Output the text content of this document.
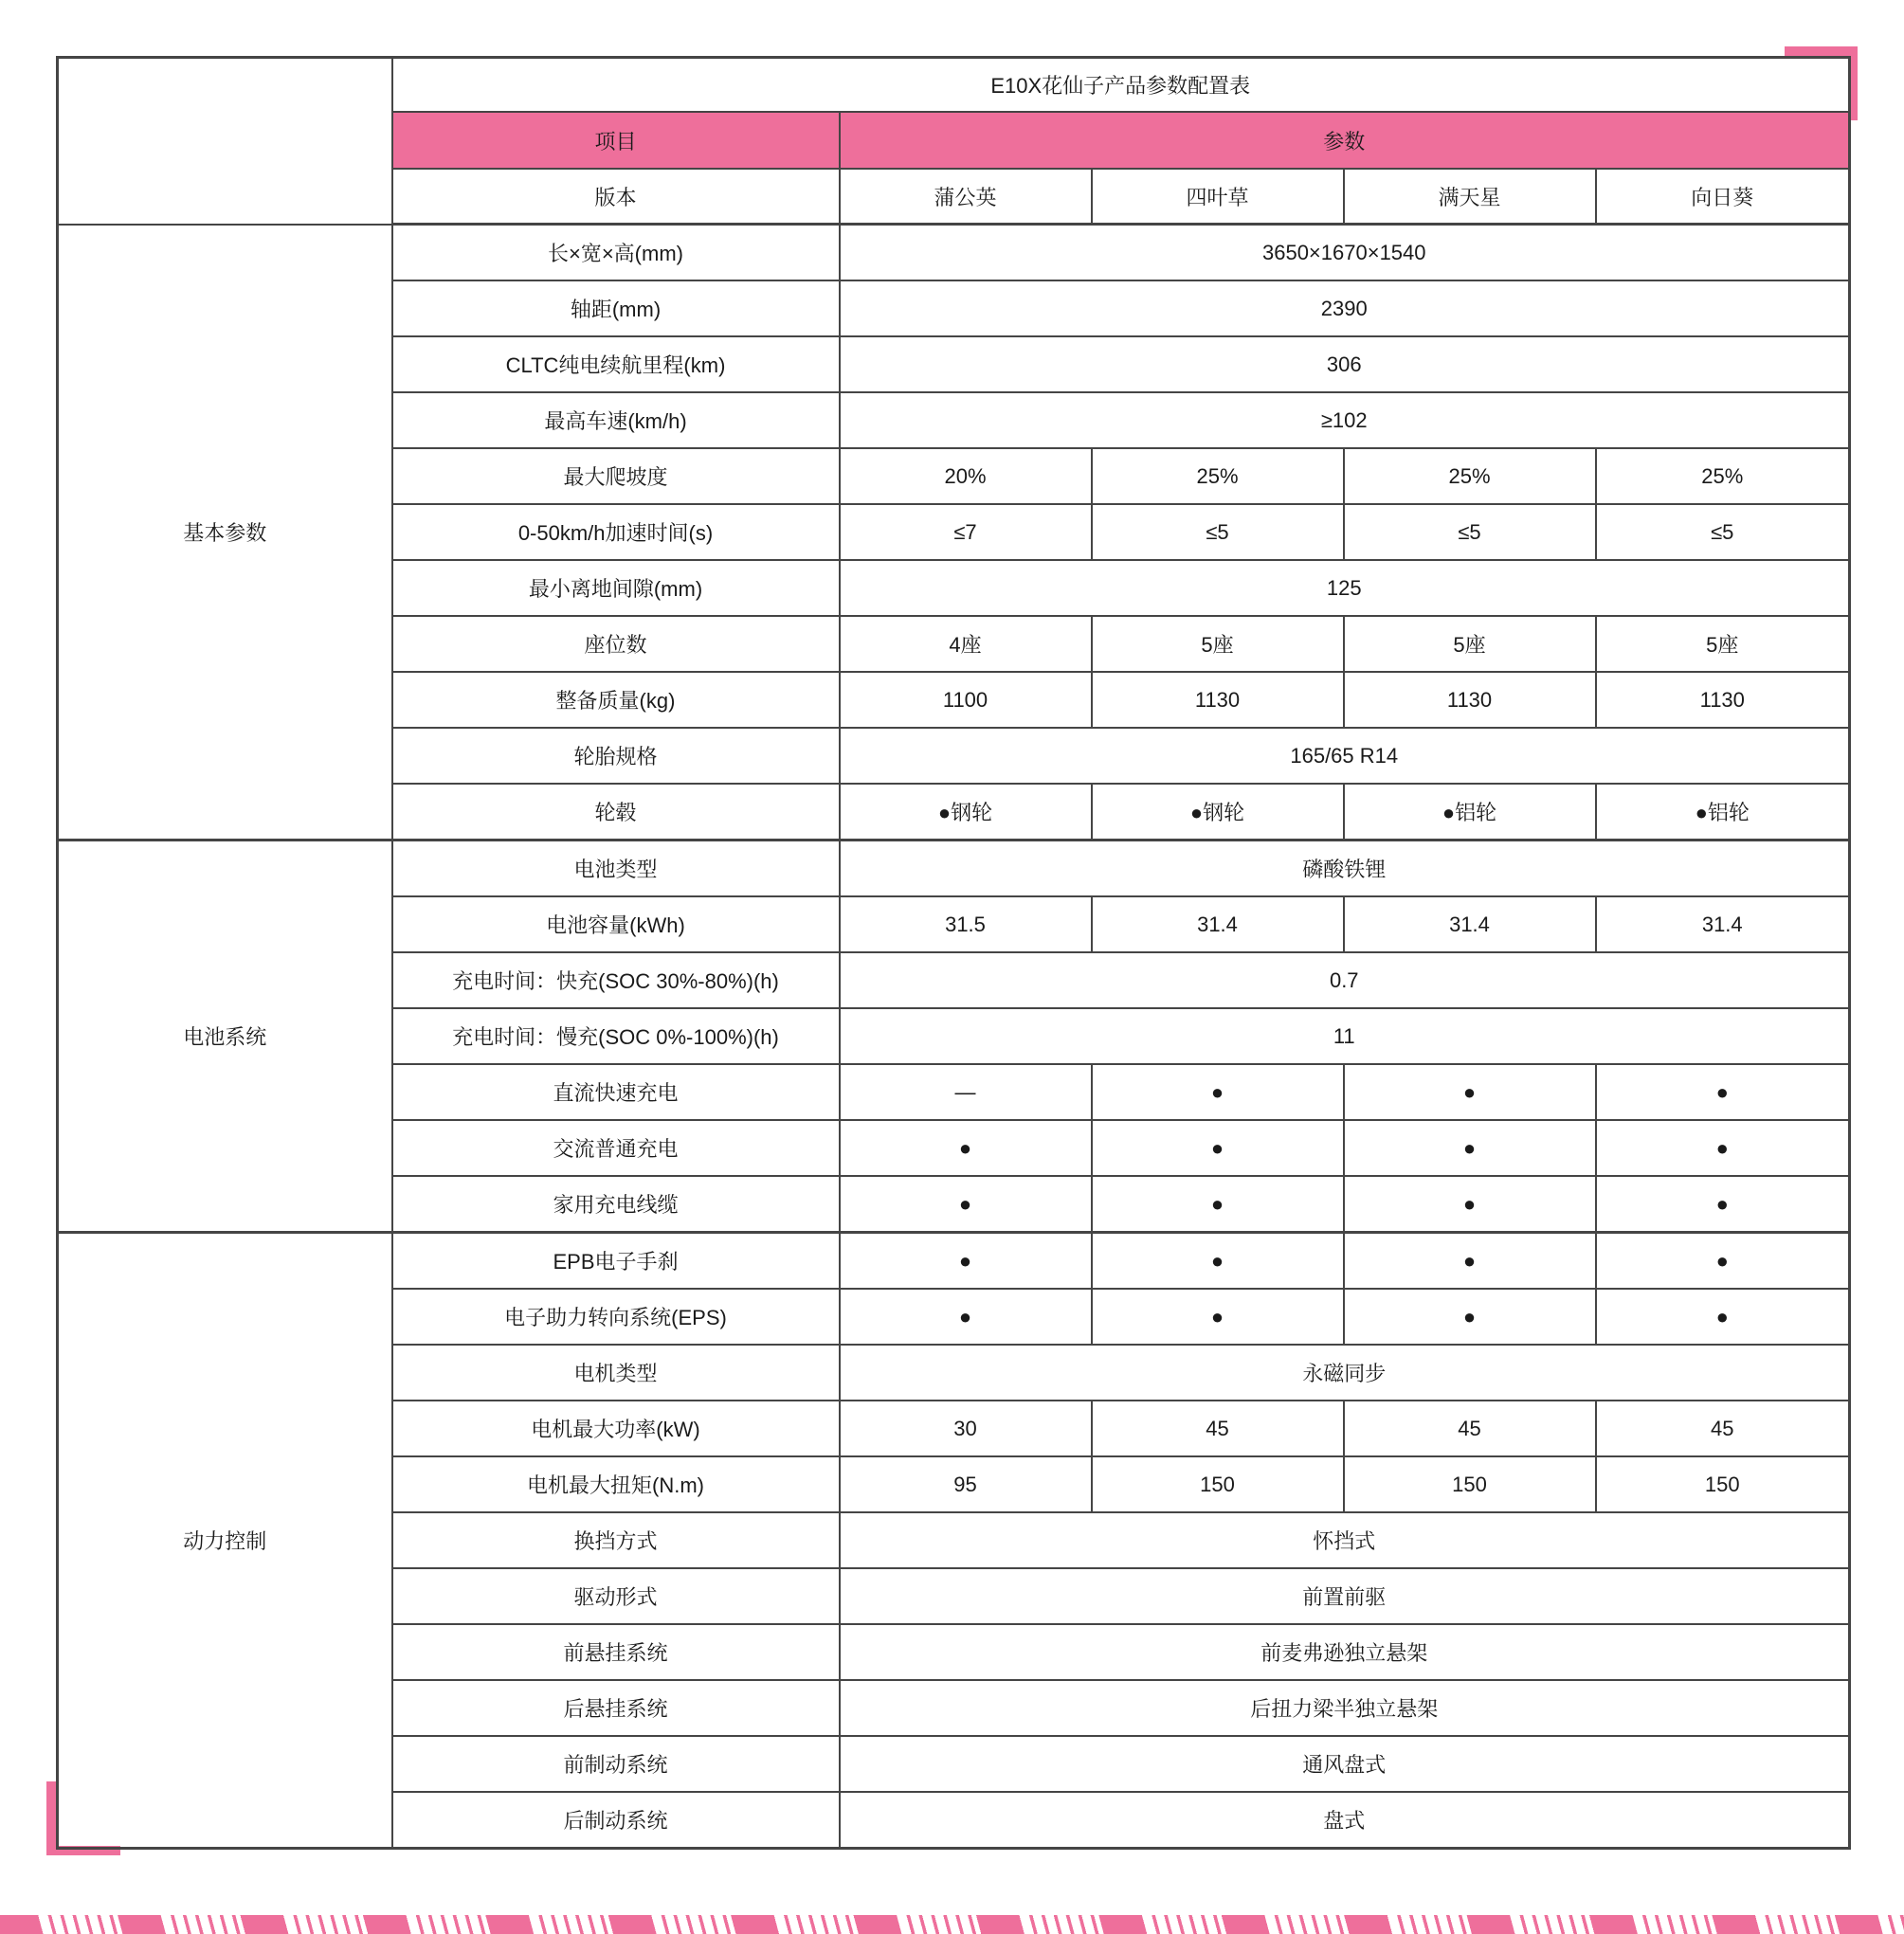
	E10X花仙子产品参数配置表				
	项目	参数			
	版本	蒲公英	四叶草	满天星	向日葵
基本参数	长×宽×高(mm)	3650×1670×1540			
	轴距(mm)	2390			
	CLTC纯电续航里程(km)	306			
	最高车速(km/h)	≥102			
	最大爬坡度	20%	25%	25%	25%
	0-50km/h加速时间(s)	≤7	≤5	≤5	≤5
	最小离地间隙(mm)	125			
	座位数	4座	5座	5座	5座
	整备质量(kg)	1100	1130	1130	1130
	轮胎规格	165/65 R14			
	轮毂	●钢轮	●钢轮	●铝轮	●铝轮
电池系统	电池类型	磷酸铁锂			
	电池容量(kWh)	31.5	31.4	31.4	31.4
	充电时间：快充(SOC 30%-80%)(h)	0.7			
	充电时间：慢充(SOC 0%-100%)(h)	11			
	直流快速充电	—	●	●	●
	交流普通充电	●	●	●	●
	家用充电线缆	●	●	●	●
动力控制	EPB电子手刹	●	●	●	●
	电子助力转向系统(EPS)	●	●	●	●
	电机类型	永磁同步			
	电机最大功率(kW)	30	45	45	45
	电机最大扭矩(N.m)	95	150	150	150
	换挡方式	怀挡式			
	驱动形式	前置前驱			
	前悬挂系统	前麦弗逊独立悬架			
	后悬挂系统	后扭力梁半独立悬架			
	前制动系统	通风盘式			
	后制动系统	盘式			
